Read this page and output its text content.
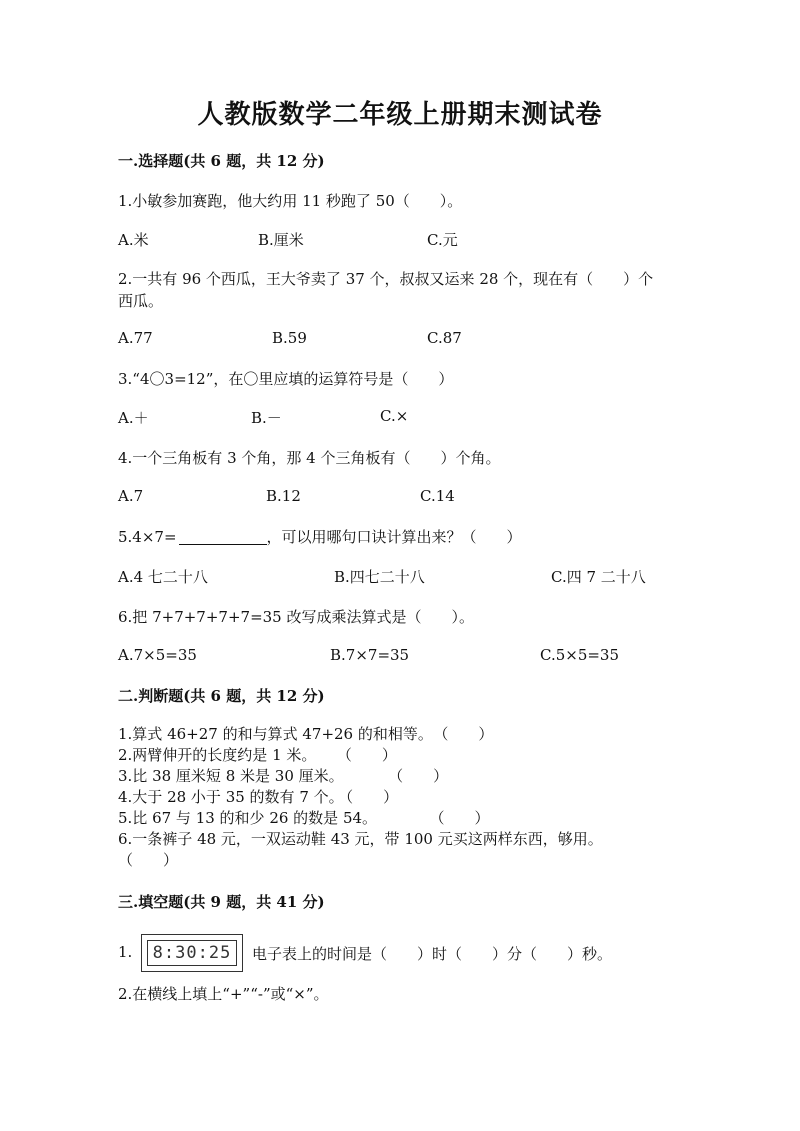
人教版数学二年级上册期末测试卷
一.选择题(共 6 题，共 12 分)
1.小敏参加赛跑，他大约用 11 秒跑了 50（　　）。
A.米	B.厘米	C.元
2.一共有 96 个西瓜，王大爷卖了 37 个，叔叔又运来 28 个，现在有（　　）个
西瓜。
A.77	B.59	C.87
3.“4〇3=12”，在〇里应填的运算符号是（　　）
A.＋	B.－	C.×
4.一个三角板有 3 个角，那 4 个三角板有（　　）个角。
A.7	B.12	C.14
5.4×7=	，可以用哪句口诀计算出来？（　　）
A.4 七二十八	B.四七二十八	C.四 7 二十八
6.把 7+7+7+7+7=35 改写成乘法算式是（　　）。
A.7×5=35	B.7×7=35	C.5×5=35
二.判断题(共 6 题，共 12 分)
1.算式 46+27 的和与算式 47+26 的和相等。 （　　）
2.两臂伸开的长度约是 1 米。 （　　）
3.比 38 厘米短 8 米是 30 厘米。	（　　）
4.大于 28 小于 35 的数有 7 个。 （　　）
5.比 67 与 13 的和少 26 的数是 54。	（　　）
6.一条裤子 48 元，一双运动鞋 43 元，带 100 元买这两样东西，够用。
（　　）
三.填空题(共 9 题，共 41 分)
1.	8:30:25	电子表上的时间是（　　）时（　　）分（　　）秒。
2.在横线上填上“+”“-”或“×”。
